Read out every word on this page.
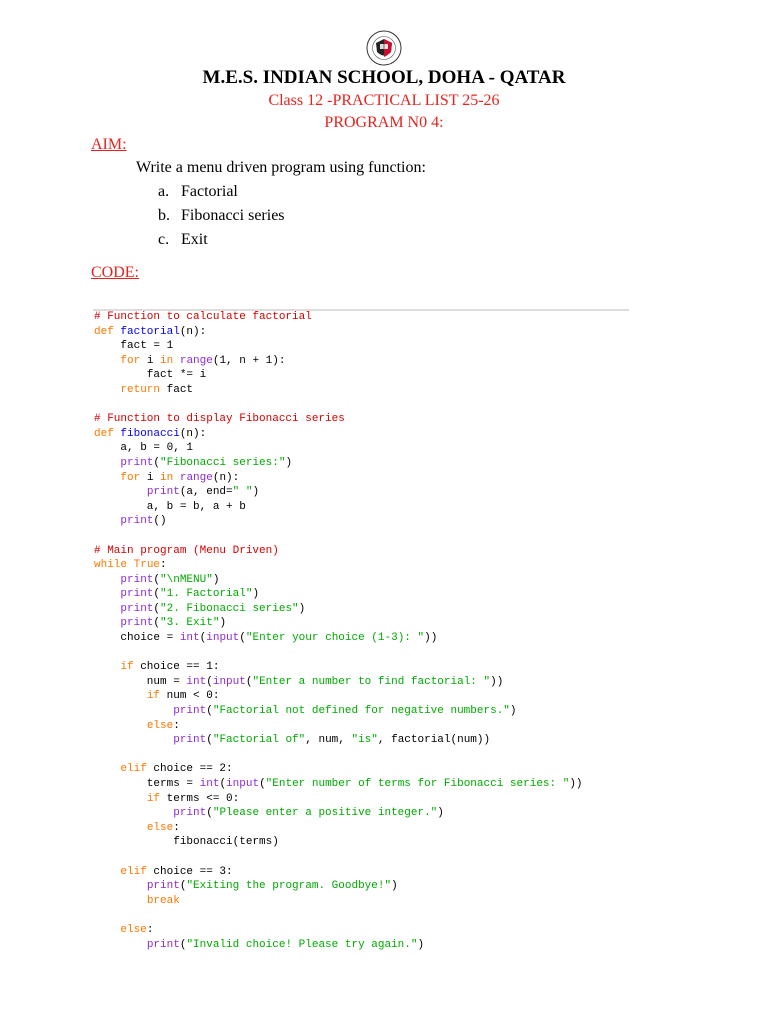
M.E.S. INDIAN SCHOOL, DOHA - QATAR
Class 12 -PRACTICAL LIST 25-26
PROGRAM N0 4:
AIM:
Write a menu driven program using function:
a. Factorial
b. Fibonacci series
c. Exit
CODE:
# Function to calculate factorial
def factorial(n):
fact = 1
for i in range(1, n + 1):
fact *= i
return fact
# Function to display Fibonacci series
def fibonacci(n):
a, b = 0, 1
print("Fibonacci series:")
for i in range(n):
print(a, end=" ")
a, b = b, a + b
print()
# Main program (Menu Driven)
while True:
print("\nMENU")
print("1. Factorial")
print("2. Fibonacci series")
print("3. Exit")
choice = int(input("Enter your choice (1-3): "))
if choice == 1:
num = int(input("Enter a number to find factorial: "))
if num < 0:
print("Factorial not defined for negative numbers.")
else:
print("Factorial of", num, "is", factorial(num))
elif choice == 2:
terms = int(input("Enter number of terms for Fibonacci series: "))
if terms <= 0:
print("Please enter a positive integer.")
else:
fibonacci(terms)
elif choice == 3:
print("Exiting the program. Goodbye!")
break
else:
print("Invalid choice! Please try again.")
